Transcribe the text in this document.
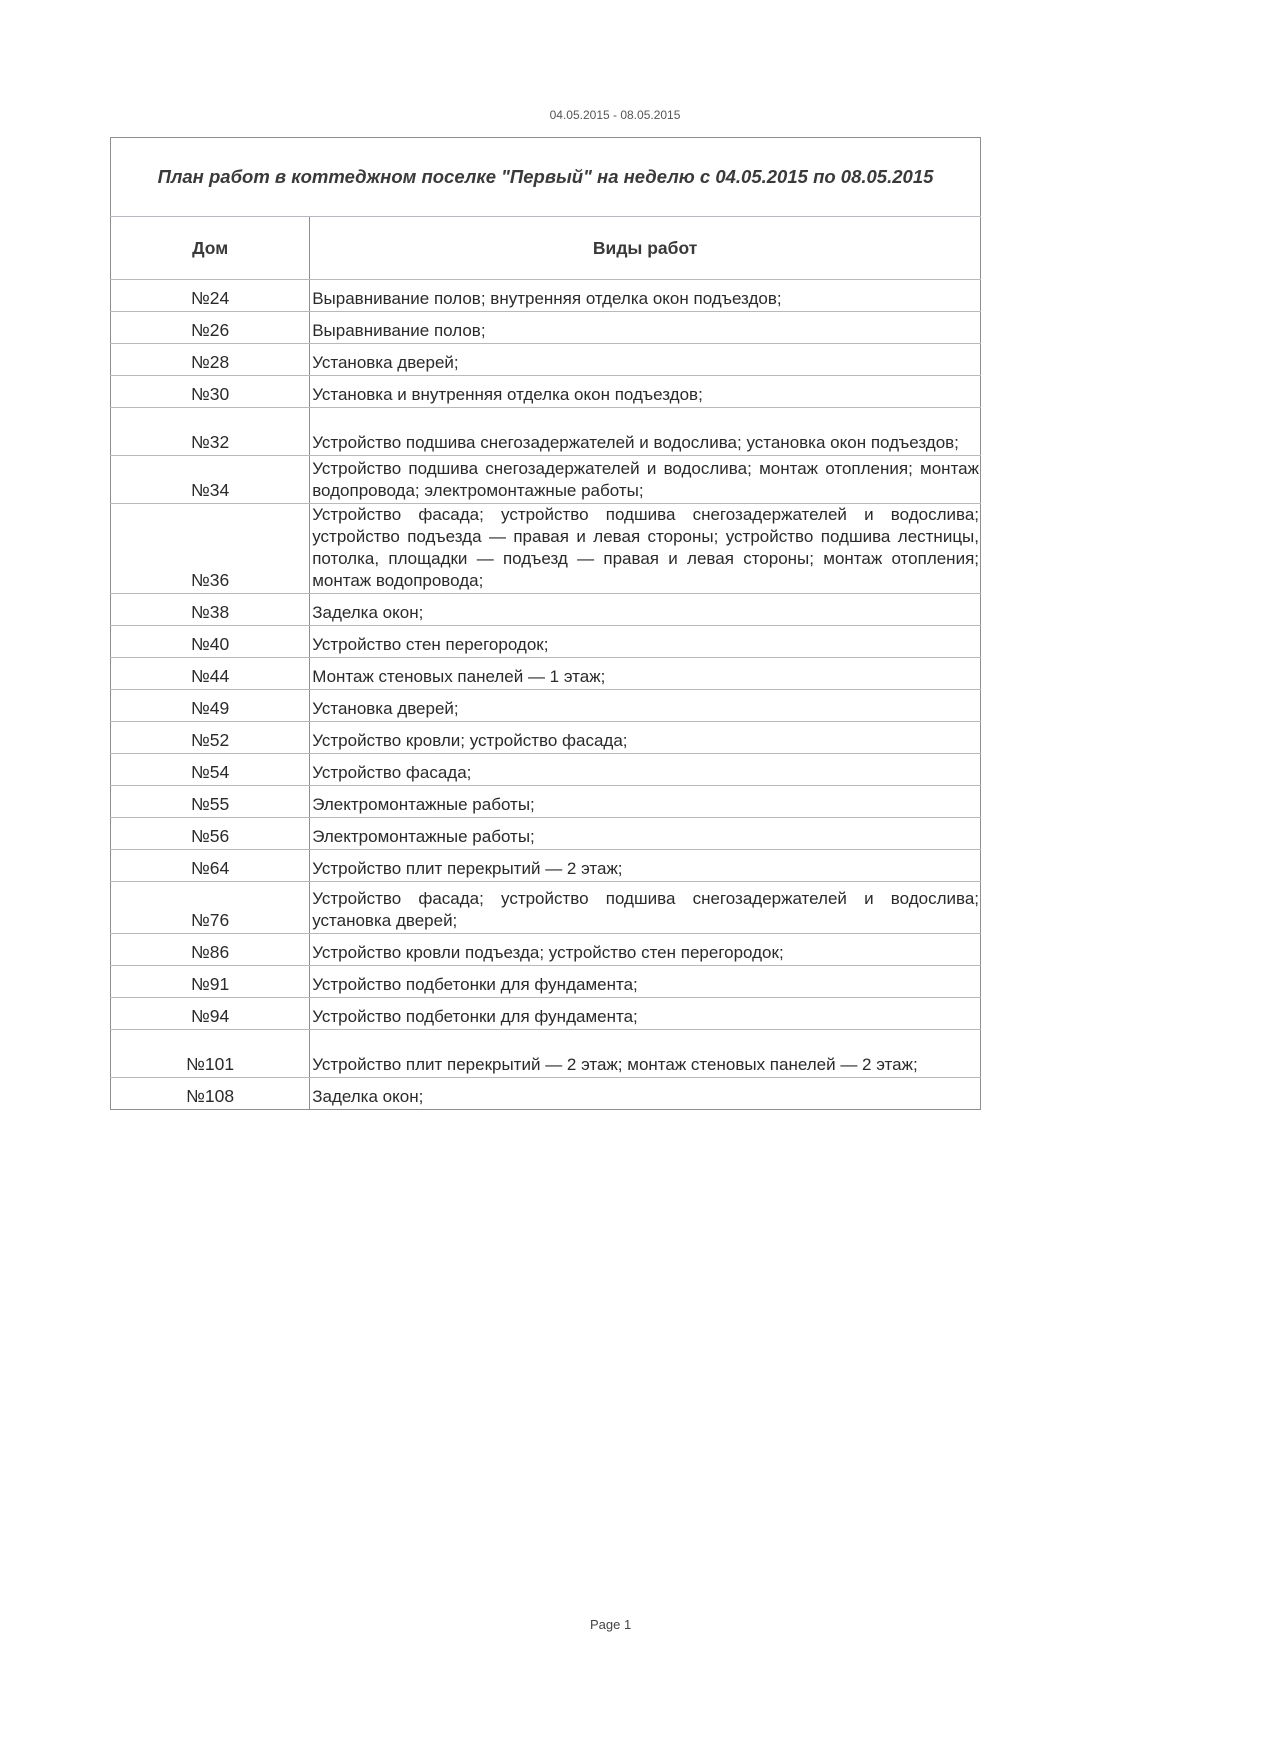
04.05.2015 - 08.05.2015
План работ в коттеджном поселке "Первый" на неделю с 04.05.2015 по 08.05.2015	
Дом	Виды работ
№24	Выравнивание полов; внутренняя отделка окон подъездов;
№26	Выравнивание полов;
№28	Установка дверей;
№30	Установка и внутренняя отделка окон подъездов;
№32	Устройство подшива снегозадержателей и водослива; установка окон подъездов;
№34	Устройство подшива снегозадержателей и водослива; монтаж отопления; монтаж водопровода; электромонтажные работы;
№36	Устройство фасада; устройство подшива снегозадержателей и водослива; устройство подъезда — правая и левая стороны; устройство подшива лестницы, потолка, площадки — подъезд — правая и левая стороны; монтаж отопления; монтаж водопровода;
№38	Заделка окон;
№40	Устройство стен перегородок;
№44	Монтаж стеновых панелей — 1 этаж;
№49	Установка дверей;
№52	Устройство кровли; устройство фасада;
№54	Устройство фасада;
№55	Электромонтажные работы;
№56	Электромонтажные работы;
№64	Устройство плит перекрытий — 2 этаж;
№76	Устройство фасада; устройство подшива снегозадержателей и водослива; установка дверей;
№86	Устройство кровли подъезда; устройство стен перегородок;
№91	Устройство подбетонки для фундамента;
№94	Устройство подбетонки для фундамента;
№101	Устройство плит перекрытий — 2 этаж; монтаж стеновых панелей — 2 этаж;
№108	Заделка окон;
Page 1
